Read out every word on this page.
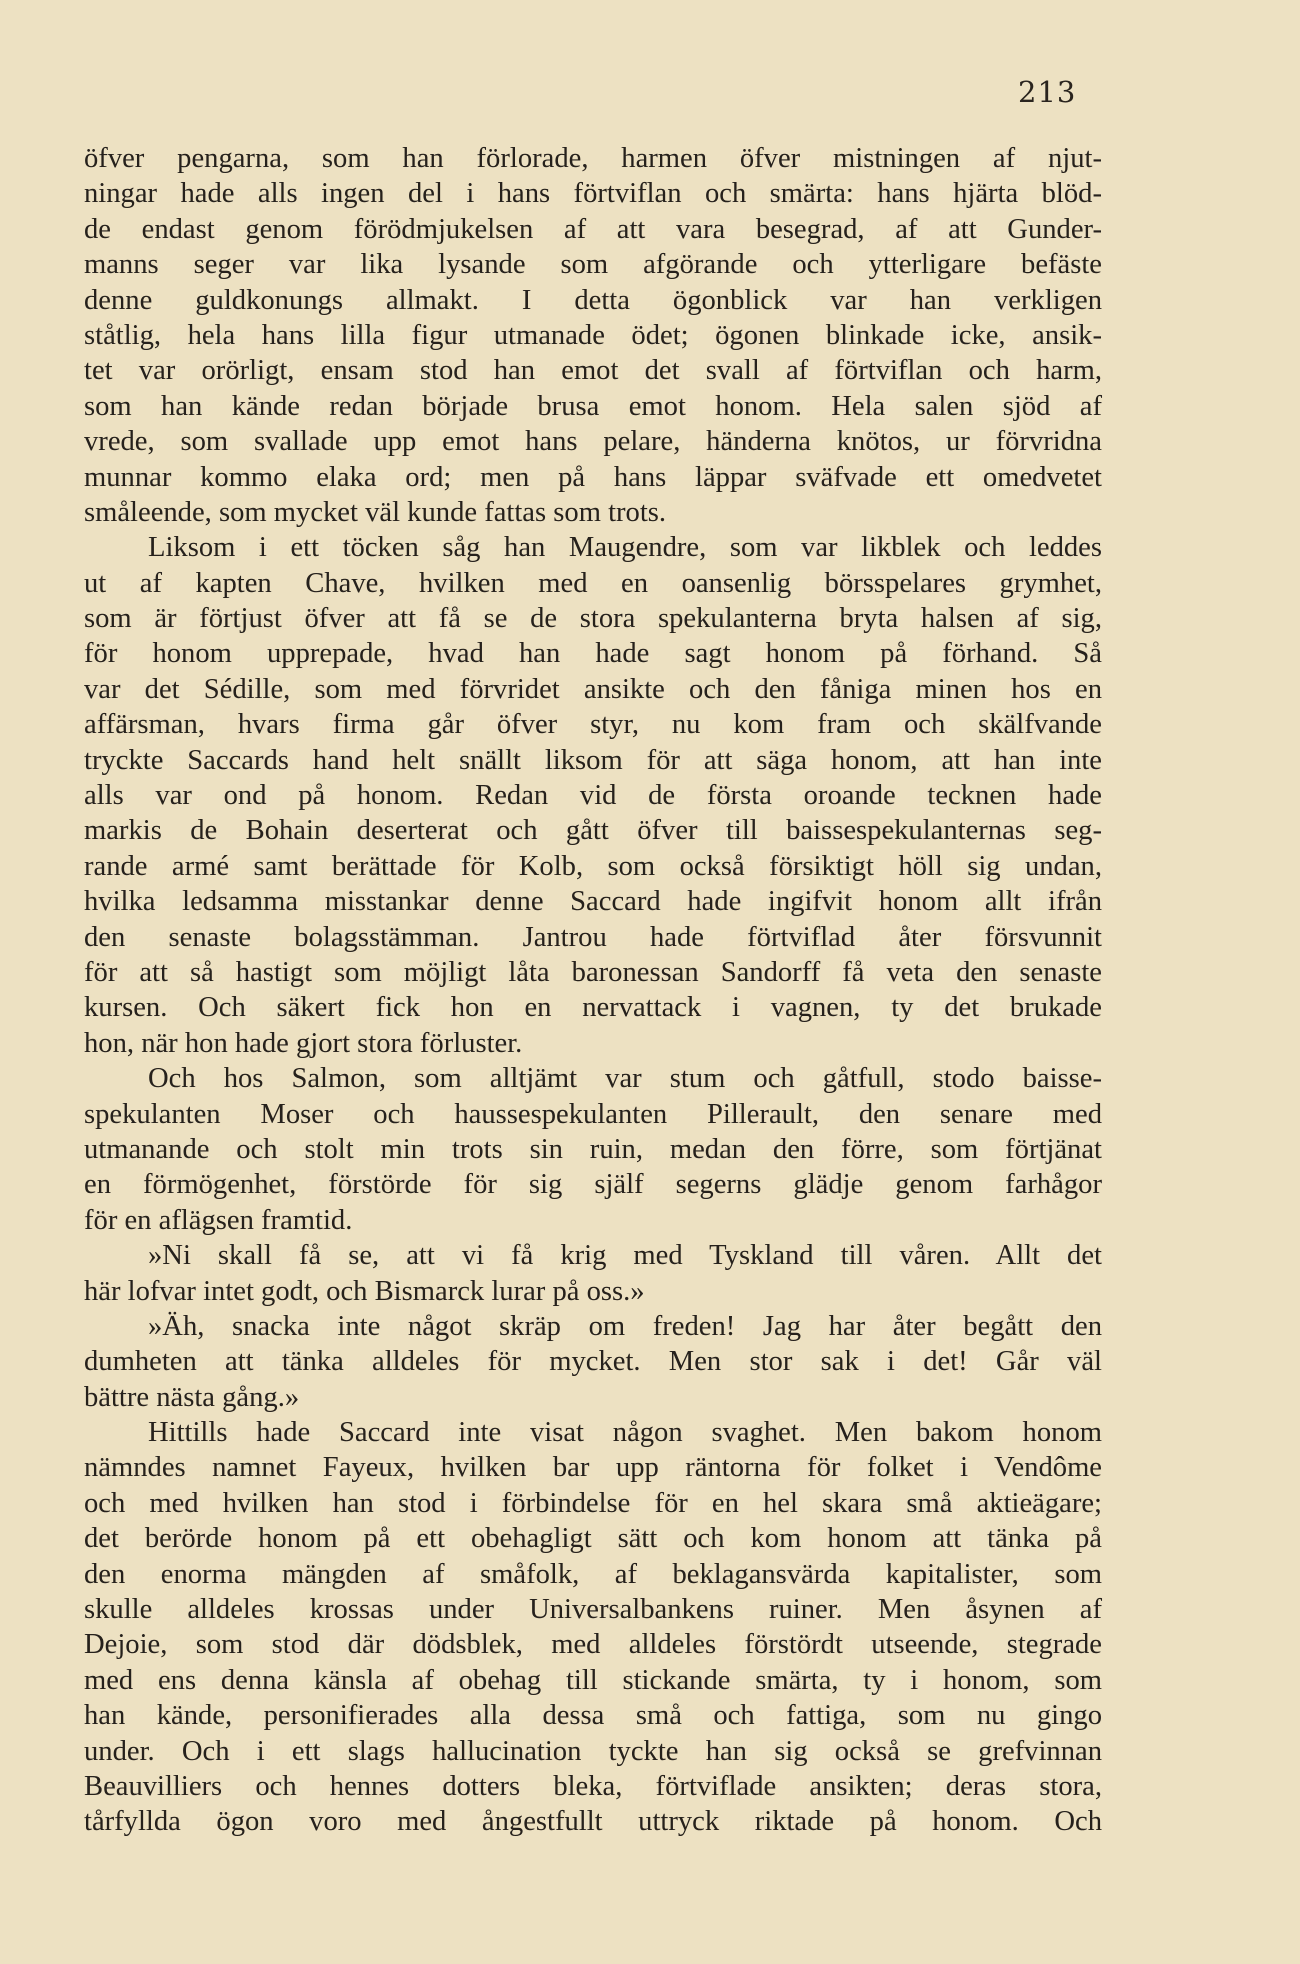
213
öfver pengarna, som han förlorade, harmen öfver mistningen af njut-
ningar hade alls ingen del i hans förtviflan och smärta: hans hjärta blöd-
de endast genom förödmjukelsen af att vara besegrad, af att Gunder-
manns seger var lika lysande som afgörande och ytterligare befäste
denne guldkonungs allmakt. I detta ögonblick var han verkligen
ståtlig, hela hans lilla figur utmanade ödet; ögonen blinkade icke, ansik-
tet var orörligt, ensam stod han emot det svall af förtviflan och harm,
som han kände redan började brusa emot honom. Hela salen sjöd af
vrede, som svallade upp emot hans pelare, händerna knötos, ur förvridna
munnar kommo elaka ord; men på hans läppar sväfvade ett omedvetet
småleende, som mycket väl kunde fattas som trots.
Liksom i ett töcken såg han Maugendre, som var likblek och leddes
ut af kapten Chave, hvilken med en oansenlig börsspelares grymhet,
som är förtjust öfver att få se de stora spekulanterna bryta halsen af sig,
för honom upprepade, hvad han hade sagt honom på förhand. Så
var det Sédille, som med förvridet ansikte och den fåniga minen hos en
affärsman, hvars firma går öfver styr, nu kom fram och skälfvande
tryckte Saccards hand helt snällt liksom för att säga honom, att han inte
alls var ond på honom. Redan vid de första oroande tecknen hade
markis de Bohain deserterat och gått öfver till baissespekulanternas seg-
rande armé samt berättade för Kolb, som också försiktigt höll sig undan,
hvilka ledsamma misstankar denne Saccard hade ingifvit honom allt ifrån
den senaste bolagsstämman. Jantrou hade förtviflad åter försvunnit
för att så hastigt som möjligt låta baronessan Sandorff få veta den senaste
kursen. Och säkert fick hon en nervattack i vagnen, ty det brukade
hon, när hon hade gjort stora förluster.
Och hos Salmon, som alltjämt var stum och gåtfull, stodo baisse-
spekulanten Moser och haussespekulanten Pillerault, den senare med
utmanande och stolt min trots sin ruin, medan den förre, som förtjänat
en förmögenhet, förstörde för sig själf segerns glädje genom farhågor
för en aflägsen framtid.
»Ni skall få se, att vi få krig med Tyskland till våren. Allt det
här lofvar intet godt, och Bismarck lurar på oss.»
»Äh, snacka inte något skräp om freden! Jag har åter begått den
dumheten att tänka alldeles för mycket. Men stor sak i det! Går väl
bättre nästa gång.»
Hittills hade Saccard inte visat någon svaghet. Men bakom honom
nämndes namnet Fayeux, hvilken bar upp räntorna för folket i Vendôme
och med hvilken han stod i förbindelse för en hel skara små aktieägare;
det berörde honom på ett obehagligt sätt och kom honom att tänka på
den enorma mängden af småfolk, af beklagansvärda kapitalister, som
skulle alldeles krossas under Universalbankens ruiner. Men åsynen af
Dejoie, som stod där dödsblek, med alldeles förstördt utseende, stegrade
med ens denna känsla af obehag till stickande smärta, ty i honom, som
han kände, personifierades alla dessa små och fattiga, som nu gingo
under. Och i ett slags hallucination tyckte han sig också se grefvinnan
Beauvilliers och hennes dotters bleka, förtviflade ansikten; deras stora,
tårfyllda ögon voro med ångestfullt uttryck riktade på honom. Och
